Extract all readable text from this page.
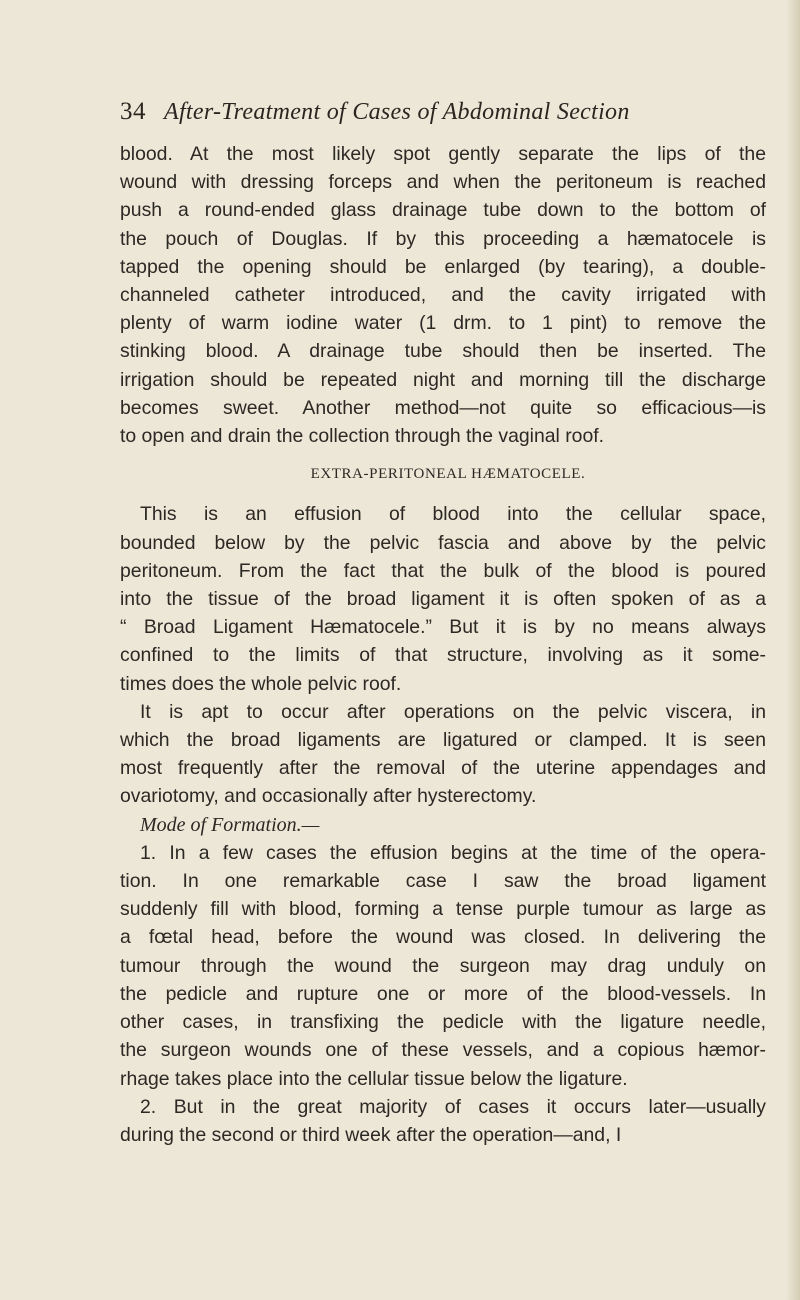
34 After-Treatment of Cases of Abdominal Section

blood. At the most likely spot gently separate the lips of the
wound with dressing forceps and when the peritoneum is reached
push a round-ended glass drainage tube down to the bottom of
the pouch of Douglas. If by this proceeding a hæmatocele is
tapped the opening should be enlarged (by tearing), a double-
channeled catheter introduced, and the cavity irrigated with
plenty of warm iodine water (1 drm. to 1 pint) to remove the
stinking blood. A drainage tube should then be inserted. The
irrigation should be repeated night and morning till the discharge
becomes sweet. Another method—not quite so efficacious—is
to open and drain the collection through the vaginal roof.

EXTRA-PERITONEAL HÆMATOCELE.

This is an effusion of blood into the cellular space,
bounded below by the pelvic fascia and above by the pelvic
peritoneum. From the fact that the bulk of the blood is poured
into the tissue of the broad ligament it is often spoken of as a
“ Broad Ligament Hæmatocele.” But it is by no means always
confined to the limits of that structure, involving as it some-
times does the whole pelvic roof.

It is apt to occur after operations on the pelvic viscera, in
which the broad ligaments are ligatured or clamped. It is seen
most frequently after the removal of the uterine appendages and
ovariotomy, and occasionally after hysterectomy.

Mode of Formation.—

1. In a few cases the effusion begins at the time of the opera-
tion. In one remarkable case I saw the broad ligament
suddenly fill with blood, forming a tense purple tumour as large as
a fœtal head, before the wound was closed. In delivering the
tumour through the wound the surgeon may drag unduly on
the pedicle and rupture one or more of the blood-vessels. In
other cases, in transfixing the pedicle with the ligature needle,
the surgeon wounds one of these vessels, and a copious hæmor-
rhage takes place into the cellular tissue below the ligature.

2. But in the great majority of cases it occurs later—usually
during the second or third week after the operation—and, I
